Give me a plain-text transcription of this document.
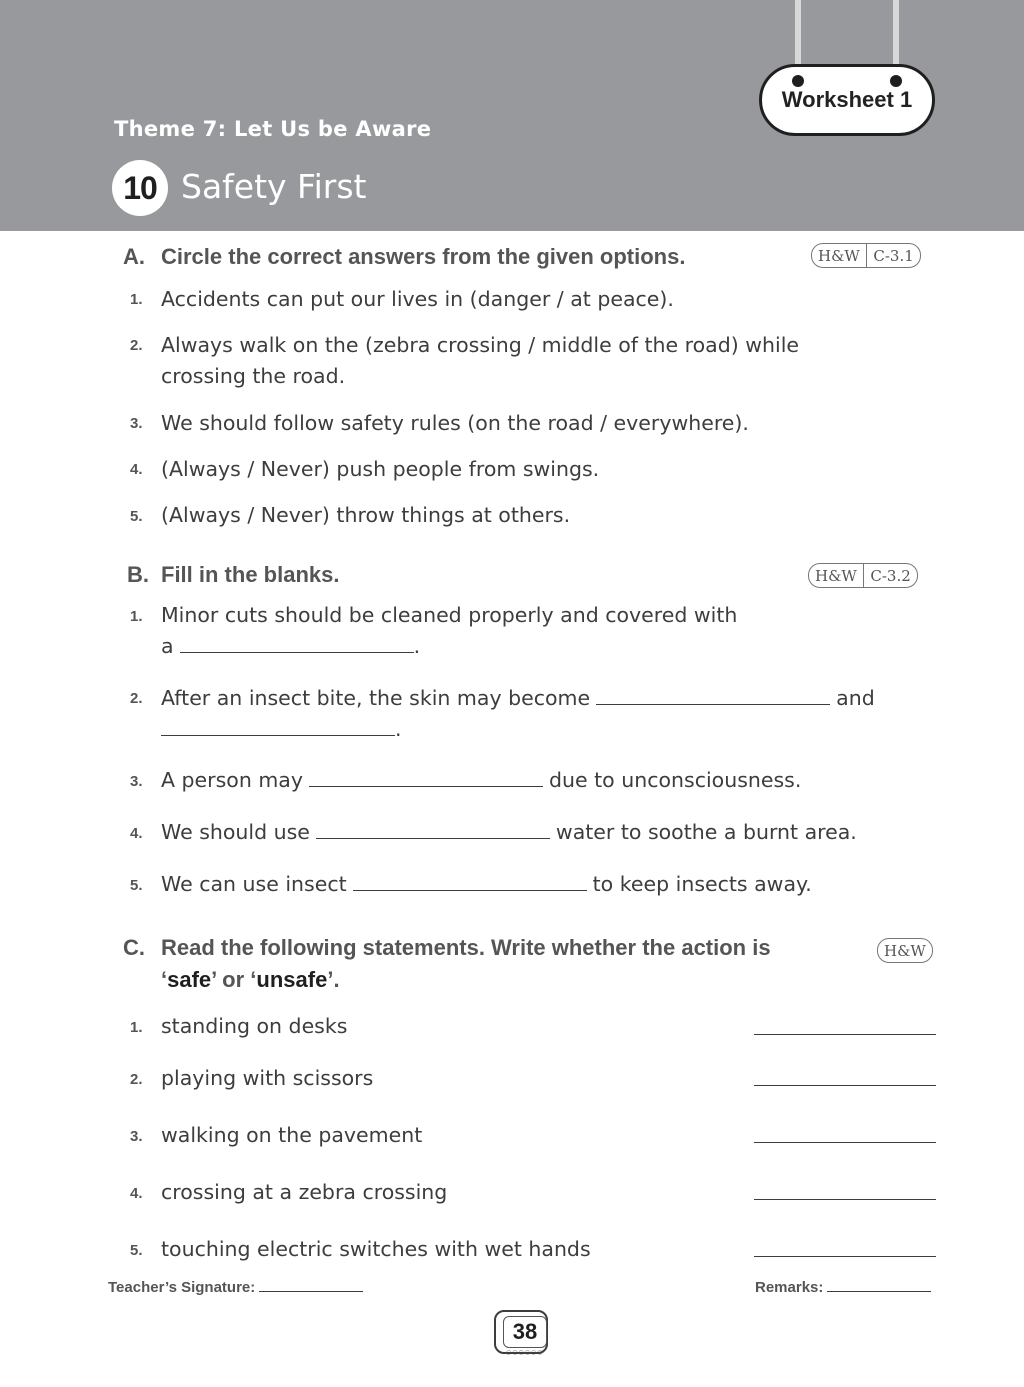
Worksheet 1
Theme 7: Let Us be Aware
10 Safety First
A. Circle the correct answers from the given options.	H&W C-3.1
1. Accidents can put our lives in (danger / at peace).
2. Always walk on the (zebra crossing / middle of the road) while
crossing the road.
3. We should follow safety rules (on the road / everywhere).
4. (Always / Never) push people from swings.
5. (Always / Never) throw things at others.
B. Fill in the blanks.	H&W C-3.2
1. Minor cuts should be cleaned properly and covered with
a	.
2. After an insect bite, the skin may become	and
.
3. A person may	due to unconsciousness.
4. We should use	water to soothe a burnt area.
5. We can use insect	to keep insects away.
C. Read the following statements. Write whether the action is
‘safe’ or ‘unsafe’.
H&W
1. standing on desks
2. playing with scissors
3. walking on the pavement
4. crossing at a zebra crossing
5. touching electric switches with wet hands
Teacher’s Signature:	Remarks:
38
○○○○○○
